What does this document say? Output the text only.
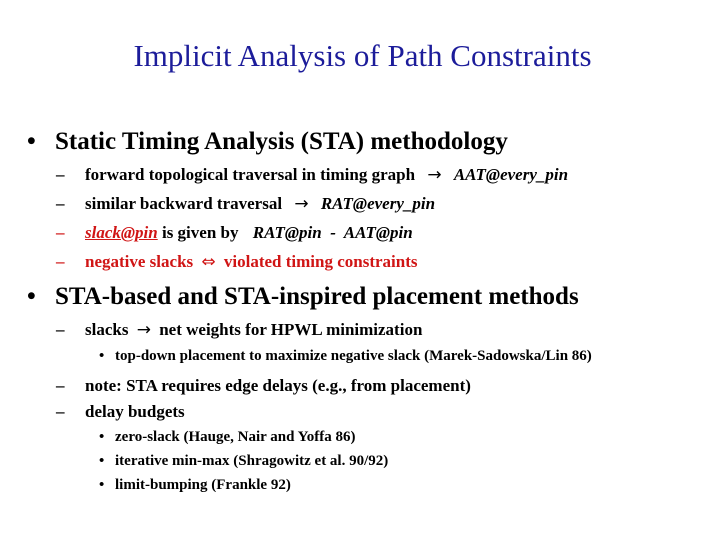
Implicit Analysis of Path Constraints
• Static Timing Analysis (STA) methodology
– forward topological traversal in timing graph → AAT@every_pin
– similar backward traversal → RAT@every_pin
– slack@pin is given by RAT@pin  -  AAT@pin
– negative slacks ⇔ violated timing constraints
• STA-based and STA-inspired placement methods
– slacks → net weights for HPWL minimization
• top-down placement to maximize negative slack (Marek-Sadowska/Lin 86)
– note: STA requires edge delays (e.g., from placement)
– delay budgets
• zero-slack (Hauge, Nair and Yoffa 86)
• iterative min-max (Shragowitz et al. 90/92)
• limit-bumping (Frankle 92)
